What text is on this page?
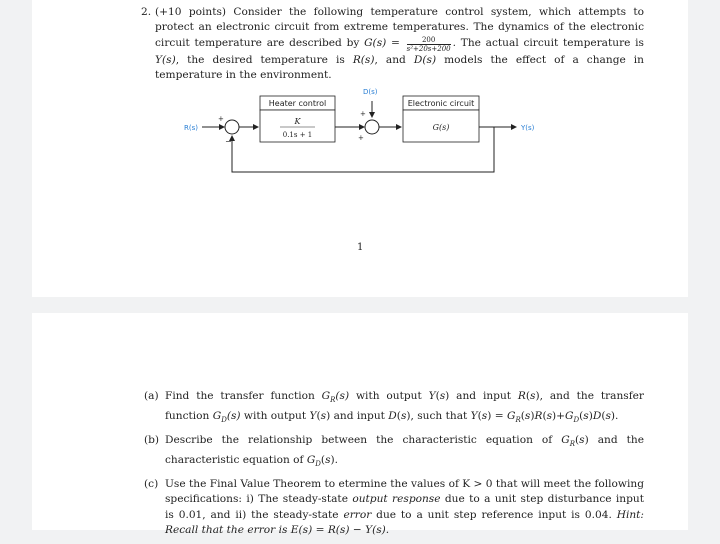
2. (+10 points) Consider the following temperature control system, which attempts to protect an electronic circuit from extreme temperatures. The dynamics of the electronic circuit temperature are described by $G(s) = \frac{200}{\text{s²+20s+200}}$ . The actual circuit temperature is Y(s), the desired temperature is R(s), and D(s) models the effect of a change in temperature in the environment.
R(s)
+
−
Heater control
K
0.1s + 1
D(s)
+
+
Electronic circuit
G(s)	Y(s)
1
(a) Find the transfer function $G_R(s)$ with output Y(s) and input R(s), and the transfer function $G_D(s)$ with output Y(s) and input D(s), such that $Y(s) = G_R(s)R(s)+G_D(s)D(s)$.
(b) Describe the relationship between the characteristic equation of $G_R(s)$ and the characteristic equation of $G_D(s)$.
(c) Use the Final Value Theorem to etermine the values of K > 0 that will meet the following specifications: i) The steady-state output response due to a unit step disturbance input is 0.01, and ii) the steady-state error due to a unit step reference input is 0.04. Hint: Recall that the error is E(s) = R(s) − Y(s).
